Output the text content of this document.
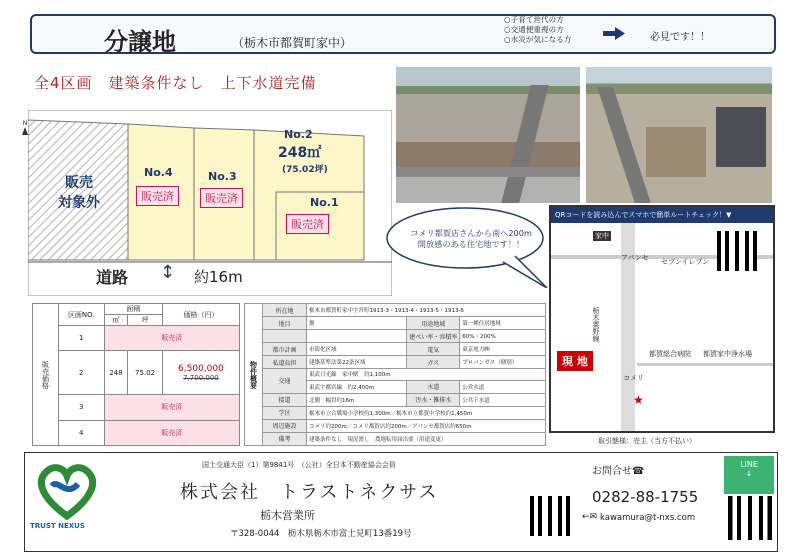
分譲地	（栃木市都賀町家中）
○子育て世代の方
○交通便重視の方
○水災が気になる方	必見です！！
全4区画　建築条件なし　上下水道完備
N
販売
対象外
No.4
販売済
No.3
販売済
No.2
248㎡
(75.02坪)
No.1
販売済
道路 ↕ 約16m
コメリ都賀店さんから南へ200m
開放感のある住宅地です！！
QRコードを読み込んでスマホで簡単ルートチェック！▼
家中
アパンセ セブンイレブン
都賀総合病院 都賀家中浄水場
コメリ
現 地
栃木粟野線
★
販売価格	区画NO.	面積		価格（円）
		㎡	坪	
	1	販売済		
	2	248	75.02	6,500,000
7,700,000

	3	販売済		
	4	販売済		
物件概要	所在地	栃木市都賀町家中字宮町1913-3・1913-4・1913-5・1913-6		
	地目	畑	用途地域	第一種住居地域
			建ぺい率・容積率	60%・200%
	都市計画	市街化区域	電気	東京電力㈱
	私道負担	建築基準法第22条区域	ガス	プロパンガス（個別）
	交通	東武日光線　家中駅　約1,100m		
		東武宇都宮線　約2,400m	水道	公営水道
	接道	北側　幅員約16m	汚水・雑排水	公共下水道
	学区	栃木市立合戦場小学校約1,300m／栃木市立都賀中学校約1,450m		
	周辺施設	コメリ約200m／コメリ都賀店約200m／アパンセ都賀店約650m		
	備考	建築条件なし　現況渡し　農地転用届出要（用途変更）			取引態様：売主（当方不払い）
TRUST NEXUS
国土交通大臣（1）第9841号　（公社）全日本不動産協会会員
株式会社　トラストネクサス
栃木営業所
〒328-0044　栃木県栃木市富士見町13番19号
お問合せ☎
0282-88-1755
←✉ kawamura@t-nxs.com
LINE
↓
